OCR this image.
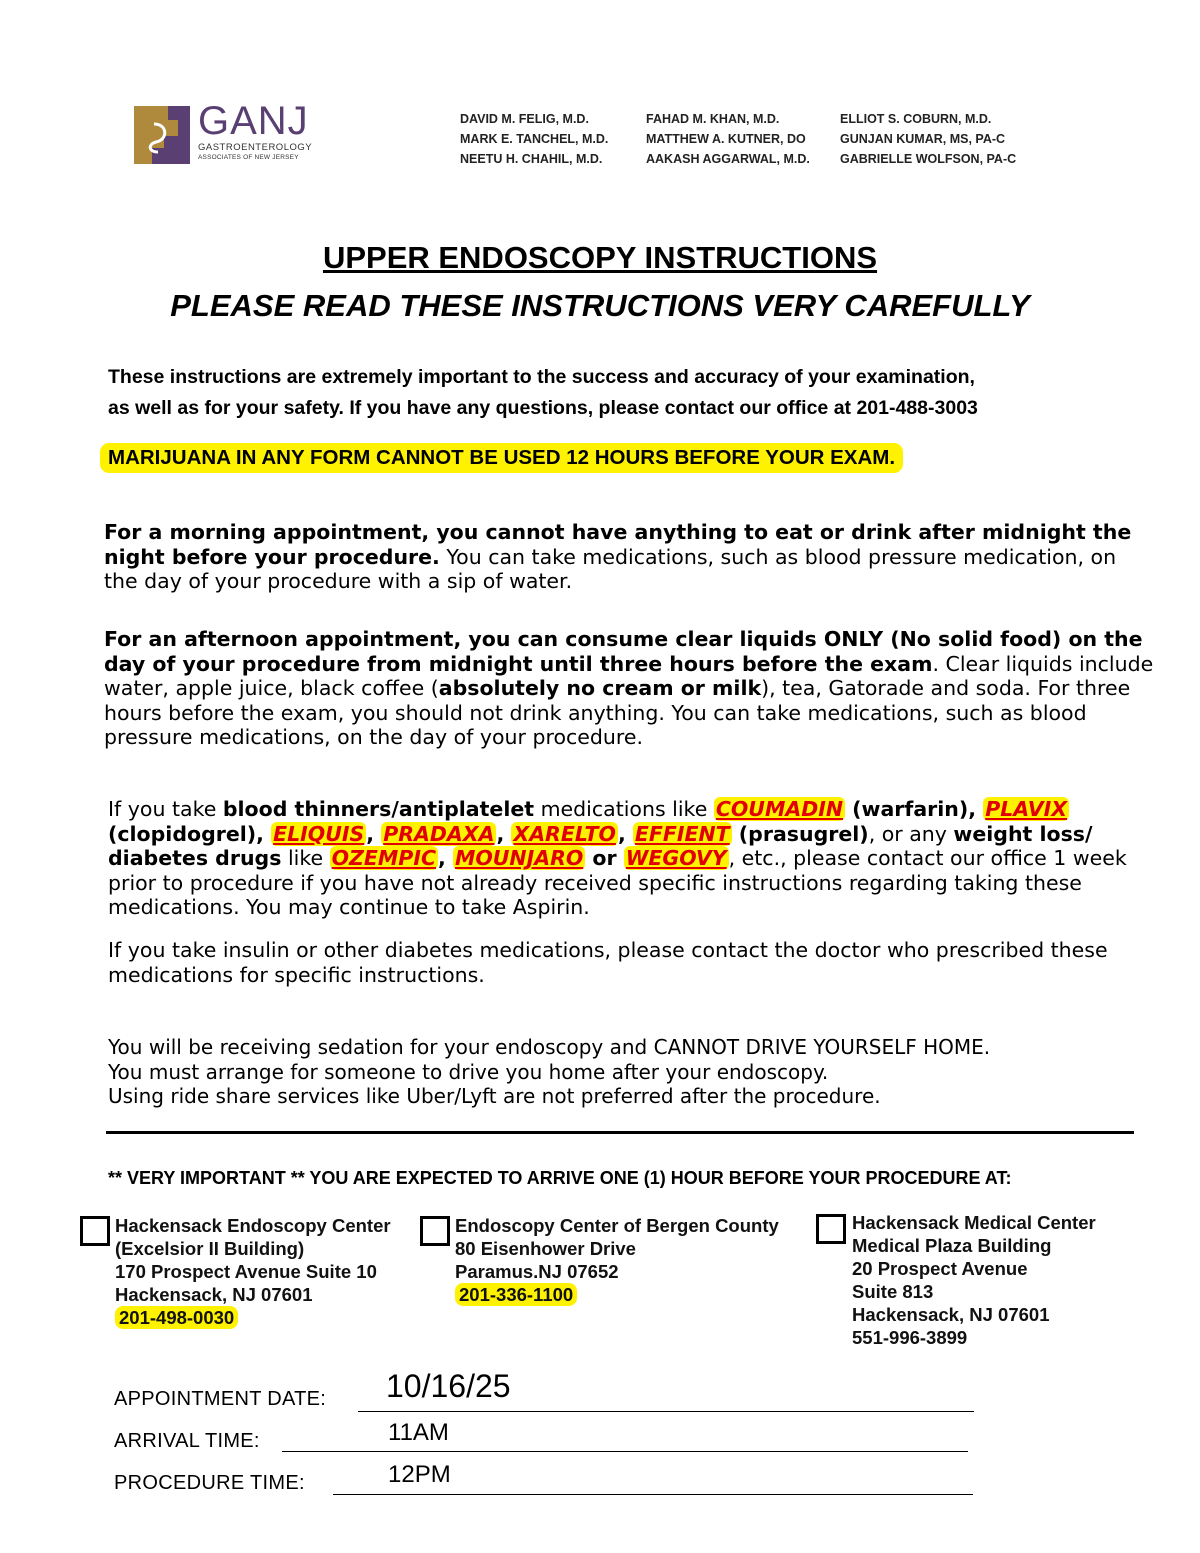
GANJ
GASTROENTEROLOGY
ASSOCIATES OF NEW JERSEY
DAVID M. FELIG, M.D.	FAHAD M. KHAN, M.D.	ELLIOT S. COBURN, M.D.
MARK E. TANCHEL, M.D.	MATTHEW A. KUTNER, DO	GUNJAN KUMAR, MS, PA-C
NEETU H. CHAHIL, M.D.	AAKASH AGGARWAL, M.D.	GABRIELLE WOLFSON, PA-C
UPPER ENDOSCOPY INSTRUCTIONS
PLEASE READ THESE INSTRUCTIONS VERY CAREFULLY
These instructions are extremely important to the success and accuracy of your examination,
as well as for your safety. If you have any questions, please contact our office at 201-488-3003
MARIJUANA IN ANY FORM CANNOT BE USED 12 HOURS BEFORE YOUR EXAM.
For a morning appointment, you cannot have anything to eat or drink after midnight the night before your procedure. You can take medications, such as blood pressure medication, on the day of your procedure with a sip of water.
For an afternoon appointment, you can consume clear liquids ONLY (No solid food) on the day of your procedure from midnight until three hours before the exam. Clear liquids include water, apple juice, black coffee (absolutely no cream or milk), tea, Gatorade and soda. For three hours before the exam, you should not drink anything. You can take medications, such as blood pressure medications, on the day of your procedure.
If you take blood thinners/antiplatelet medications like COUMADIN (warfarin), PLAVIX (clopidogrel), ELIQUIS, PRADAXA, XARELTO, EFFIENT (prasugrel), or any weight loss/ diabetes drugs like OZEMPIC, MOUNJARO or WEGOVY, etc., please contact our office 1 week prior to procedure if you have not already received specific instructions regarding taking these medications. You may continue to take Aspirin.
If you take insulin or other diabetes medications, please contact the doctor who prescribed these medications for specific instructions.
You will be receiving sedation for your endoscopy and CANNOT DRIVE YOURSELF HOME.
You must arrange for someone to drive you home after your endoscopy.
Using ride share services like Uber/Lyft are not preferred after the procedure.
** VERY IMPORTANT ** YOU ARE EXPECTED TO ARRIVE ONE (1) HOUR BEFORE YOUR PROCEDURE AT:
Hackensack Endoscopy Center
(Excelsior II Building)
170 Prospect Avenue Suite 10
Hackensack, NJ 07601
201-498-0030
Endoscopy Center of Bergen County
80 Eisenhower Drive
Paramus.NJ 07652
201-336-1100
Hackensack Medical Center
Medical Plaza Building
20 Prospect Avenue
Suite 813
Hackensack, NJ 07601
551-996-3899
APPOINTMENT DATE: 10/16/25
ARRIVAL TIME:	11AM
PROCEDURE TIME:	12PM
